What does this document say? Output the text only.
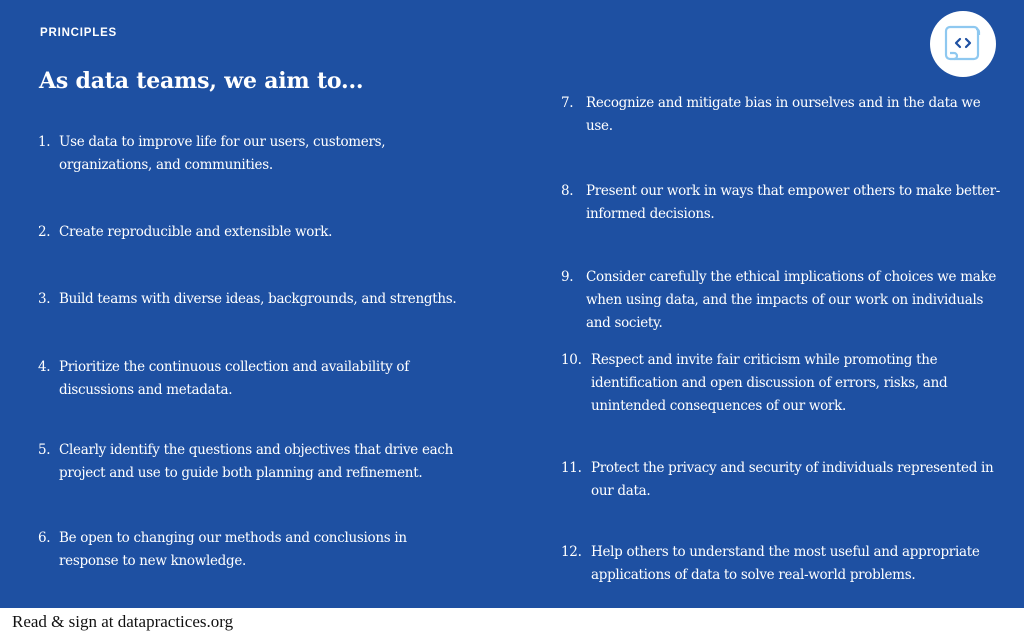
PRINCIPLES
As data teams, we aim to...
1. Use data to improve life for our users, customers, organizations, and communities.
2. Create reproducible and extensible work.
3. Build teams with diverse ideas, backgrounds, and strengths.
4. Prioritize the continuous collection and availability of discussions and metadata.
5. Clearly identify the questions and objectives that drive each project and use to guide both planning and refinement.
6. Be open to changing our methods and conclusions in response to new knowledge.
7. Recognize and mitigate bias in ourselves and in the data we use.
8. Present our work in ways that empower others to make better-informed decisions.
9. Consider carefully the ethical implications of choices we make when using data, and the impacts of our work on individuals and society.
10. Respect and invite fair criticism while promoting the identification and open discussion of errors, risks, and unintended consequences of our work.
11. Protect the privacy and security of individuals represented in our data.
12. Help others to understand the most useful and appropriate applications of data to solve real-world problems.
Read & sign at datapractices.org
